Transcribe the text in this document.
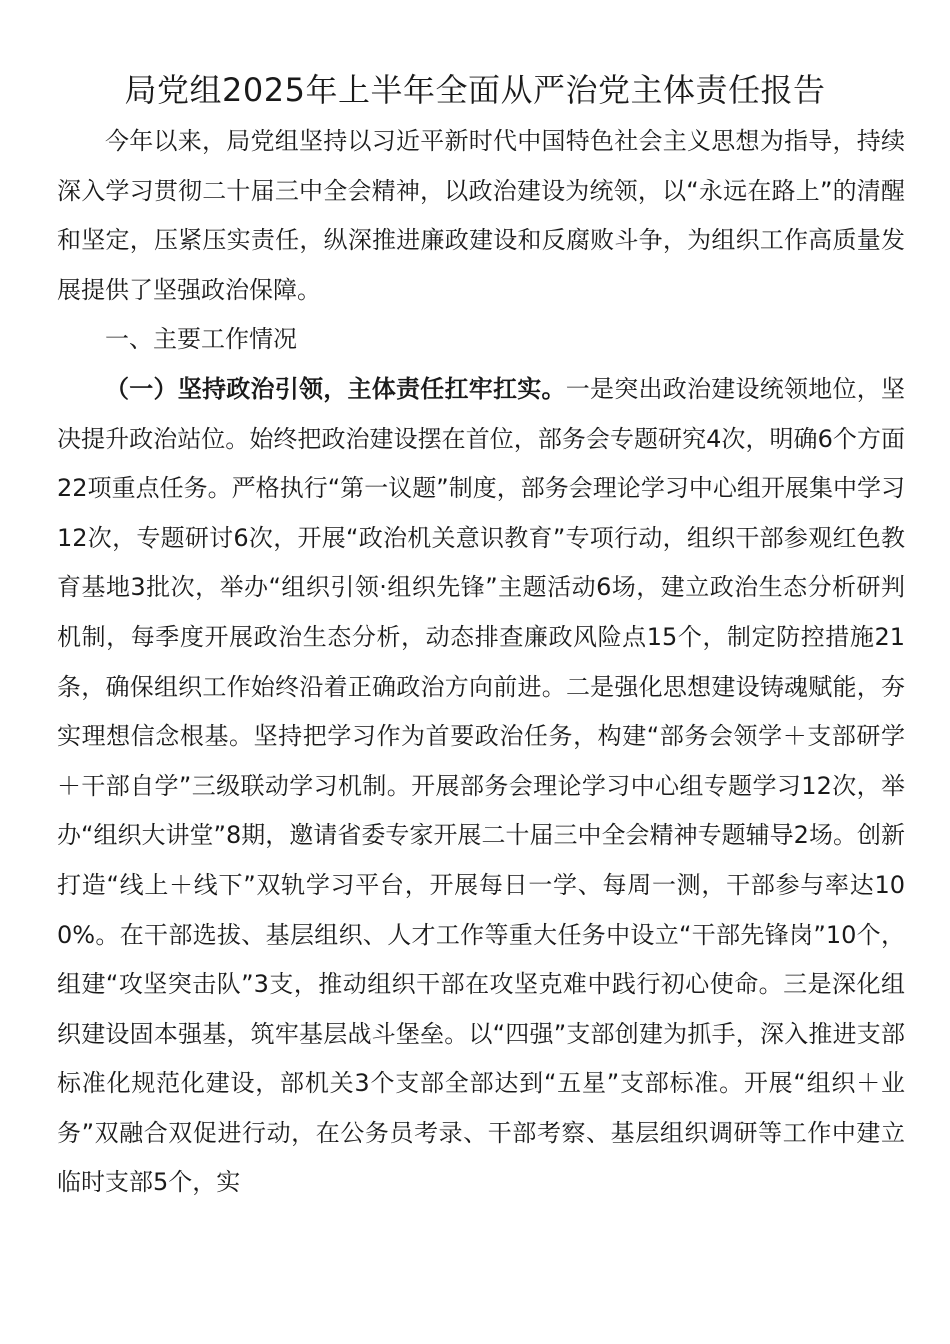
局党组2025年上半年全面从严治党主体责任报告

今年以来，局党组坚持以习近平新时代中国特色社会主义思想为指导，持续深入学习贯彻二十届三中全会精神，以政治建设为统领，以“永远在路上”的清醒和坚定，压紧压实责任，纵深推进廉政建设和反腐败斗争，为组织工作高质量发展提供了坚强政治保障。

一、主要工作情况

（一）坚持政治引领，主体责任扛牢扛实。一是突出政治建设统领地位，坚决提升政治站位。始终把政治建设摆在首位，部务会专题研究4次，明确6个方面22项重点任务。严格执行“第一议题”制度，部务会理论学习中心组开展集中学习12次，专题研讨6次，开展“政治机关意识教育”专项行动，组织干部参观红色教育基地3批次，举办“组织引领·组织先锋”主题活动6场，建立政治生态分析研判机制，每季度开展政治生态分析，动态排查廉政风险点15个，制定防控措施21条，确保组织工作始终沿着正确政治方向前进。二是强化思想建设铸魂赋能，夯实理想信念根基。坚持把学习作为首要政治任务，构建“部务会领学＋支部研学＋干部自学”三级联动学习机制。开展部务会理论学习中心组专题学习12次，举办“组织大讲堂”8期，邀请省委专家开展二十届三中全会精神专题辅导2场。创新打造“线上＋线下”双轨学习平台，开展每日一学、每周一测，干部参与率达100%。在干部选拔、基层组织、人才工作等重大任务中设立“干部先锋岗”10个，组建“攻坚突击队”3支，推动组织干部在攻坚克难中践行初心使命。三是深化组织建设固本强基，筑牢基层战斗堡垒。以“四强”支部创建为抓手，深入推进支部标准化规范化建设，部机关3个支部全部达到“五星”支部标准。开展“组织＋业务”双融合双促进行动，在公务员考录、干部考察、基层组织调研等工作中建立临时支部5个，实
